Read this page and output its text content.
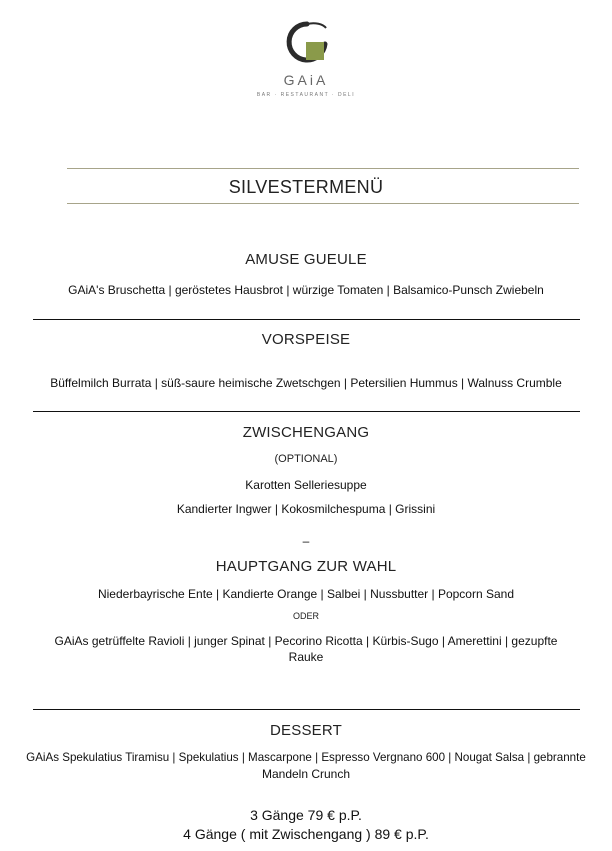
GAiA
BAR · RESTAURANT · DELI
SILVESTERMENÜ
AMUSE GUEULE
GAiA's Bruschetta | geröstetes Hausbrot | würzige Tomaten | Balsamico-Punsch Zwiebeln
VORSPEISE
Büffelmilch Burrata | süß-saure heimische Zwetschgen | Petersilien Hummus | Walnuss Crumble
ZWISCHENGANG
(OPTIONAL)
Karotten Selleriesuppe
Kandierter Ingwer | Kokosmilchespuma | Grissini
–
HAUPTGANG ZUR WAHL
Niederbayrische Ente | Kandierte Orange | Salbei | Nussbutter | Popcorn Sand
ODER
GAiAs getrüffelte Ravioli | junger Spinat | Pecorino Ricotta | Kürbis-Sugo | Amerettini | gezupfte
Rauke
DESSERT
GAiAs Spekulatius Tiramisu | Spekulatius | Mascarpone | Espresso Vergnano 600 | Nougat Salsa | gebrannte
Mandeln Crunch
3 Gänge 79 € p.P.
4 Gänge ( mit Zwischengang ) 89 € p.P.
